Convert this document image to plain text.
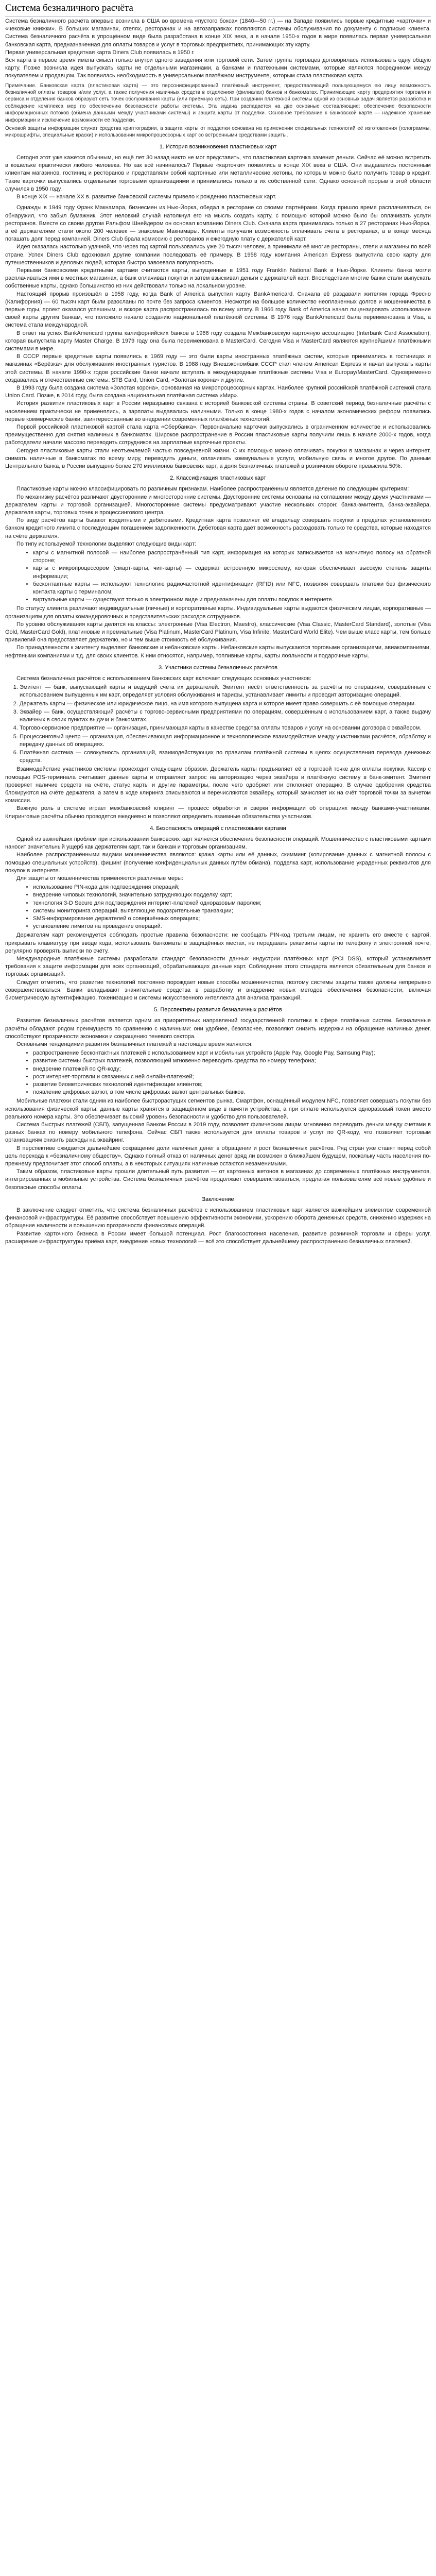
Система безналичного расчёта

Система безналичного расчёта впервые возникла в США во времена «пустого бокса» (1840—50 гг.) — на Западе появились первые кредитные «карточки» и «чековые книжки». В больших магазинах, отелях, ресторанах и на автозаправках появляются системы обслуживания по документу с подписью клиента. Система безналичного расчёта в упрощённом виде была разработана в конце XIX века, а в начале 1950-х годов в мире появилась первая универсальная банковская карта, предназначенная для оплаты товаров и услуг в торговых предприятиях, принимающих эту карту.

Первая универсальная кредитная карта Diners Club появилась в 1950 г.

Вся карта в первое время имела смысл только внутри одного заведения или торговой сети. Затем группа торговцев договорилась использовать одну общую карту. Позже возникла идея выпускать карты не отдельными магазинами, а банками и платёжными системами, которые являются посредником между покупателем и продавцом. Так появилась необходимость в универсальном платёжном инструменте, которым стала пластиковая карта.

Примечание. Банковская карта (пластиковая карта) — это персонифицированный платёжный инструмент, предоставляющий пользующемуся ею лицу возможность безналичной оплаты товаров и/или услуг, а также получения наличных средств в отделениях (филиалах) банков и банкоматах. Принимающие карту предприятия торговли и сервиса и отделения банков образуют сеть точек обслуживания карты (или приёмную сеть). При создании платёжной системы одной из основных задач является разработка и соблюдение комплекса мер по обеспечению безопасности работы системы. Эта задача распадается на две основные составляющие: обеспечение безопасности информационных потоков (обмена данными между участниками системы) и защита карты от подделки. Основное требование к банковской карте — надёжное хранение информации и исключение возможности её подделки.

Основой защиты информации служат средства криптографии, а защита карты от подделки основана на применении специальных технологий её изготовления (голограммы, микрошрифты, специальные краски) и использовании микропроцессорных карт со встроенными средствами защиты.

1. История возникновения пластиковых карт

Сегодня этот уже кажется обычным, но ещё лет 30 назад никто не мог представить, что пластиковая карточка заменит деньги. Сейчас её можно встретить в кошельке практически любого человека. Но как всё начиналось? Первые «карточки» появились в конце XIX века в США. Они выдавались постоянным клиентам магазинов, гостиниц и ресторанов и представляли собой картонные или металлические жетоны, по которым можно было получить товар в кредит. Такие карточки выпускались отдельными торговыми организациями и принимались только в их собственной сети. Однако основной прорыв в этой области случился в 1950 году.

В конце XIX — начале XX в. развитие банковской системы привело к рождению пластиковых карт.

Однажды в 1949 году Фрэнк Макнамара, бизнесмен из Нью-Йорка, обедал в ресторане со своими партнёрами. Когда пришло время расплачиваться, он обнаружил, что забыл бумажник. Этот неловкий случай натолкнул его на мысль создать карту, с помощью которой можно было бы оплачивать услуги ресторанов. Вместе со своим другом Ральфом Шнейдером он основал компанию Diners Club. Сначала карта принималась только в 27 ресторанах Нью-Йорка, а её держателями стали около 200 человек — знакомые Макнамары. Клиенты получали возможность оплачивать счета в ресторанах, а в конце месяца погашать долг перед компанией. Diners Club брала комиссию с ресторанов и ежегодную плату с держателей карт.

Идея оказалась настолько удачной, что через год картой пользовались уже 20 тысяч человек, а принимали её многие рестораны, отели и магазины по всей стране. Успех Diners Club вдохновил другие компании последовать её примеру. В 1958 году компания American Express выпустила свою карту для путешественников и деловых людей, которая быстро завоевала популярность.

Первыми банковскими кредитными картами считаются карты, выпущенные в 1951 году Franklin National Bank в Нью-Йорке. Клиенты банка могли расплачиваться ими в местных магазинах, а банк оплачивал покупки и затем взыскивал деньги с держателей карт. Впоследствии многие банки стали выпускать собственные карты, однако большинство из них действовали только на локальном уровне.

Настоящий прорыв произошёл в 1958 году, когда Bank of America выпустил карту BankAmericard. Сначала её раздавали жителям города Фресно (Калифорния) — 60 тысяч карт были разосланы по почте без запроса клиентов. Несмотря на большое количество неоплаченных долгов и мошенничества в первые годы, проект оказался успешным, и вскоре карта распространилась по всему штату. В 1966 году Bank of America начал лицензировать использование своей карты другим банкам, что положило начало созданию национальной платёжной системы. В 1976 году BankAmericard была переименована в Visa, а система стала международной.

В ответ на успех BankAmericard группа калифорнийских банков в 1966 году создала Межбанковскую карточную ассоциацию (Interbank Card Association), которая выпустила карту Master Charge. В 1979 году она была переименована в MasterCard. Сегодня Visa и MasterCard являются крупнейшими платёжными системами в мире.

В СССР первые кредитные карты появились в 1969 году — это были карты иностранных платёжных систем, которые принимались в гостиницах и магазинах «Берёзка» для обслуживания иностранных туристов. В 1988 году Внешэкономбанк СССР стал членом American Express и начал выпускать карты этой системы. В начале 1990-х годов российские банки начали вступать в международные платёжные системы Visa и Europay/MasterCard. Одновременно создавались и отечественные системы: STB Card, Union Card, «Золотая корона» и другие.

В 1993 году была создана система «Золотая корона», основанная на микропроцессорных картах. Наиболее крупной российской платёжной системой стала Union Card. Позже, в 2014 году, была создана национальная платёжная система «Мир».

История развития пластиковых карт в России неразрывно связана с историей банковской системы страны. В советский период безналичные расчёты с населением практически не применялись, а зарплаты выдавались наличными. Только в конце 1980-х годов с началом экономических реформ появились первые коммерческие банки, заинтересованные во внедрении современных платёжных технологий.

Первой российской пластиковой картой стала карта «Сбербанка». Первоначально карточки выпускались в ограниченном количестве и использовались преимущественно для снятия наличных в банкоматах. Широкое распространение в России пластиковые карты получили лишь в начале 2000-х годов, когда работодатели начали массово переводить сотрудников на зарплатные карточные проекты.

Сегодня пластиковые карты стали неотъемлемой частью повседневной жизни. С их помощью можно оплачивать покупки в магазинах и через интернет, снимать наличные в банкоматах по всему миру, переводить деньги, оплачивать коммунальные услуги, мобильную связь и многое другое. По данным Центрального банка, в России выпущено более 270 миллионов банковских карт, а доля безналичных платежей в розничном обороте превысила 50%.

2. Классификация пластиковых карт

Пластиковые карты можно классифицировать по различным признакам. Наиболее распространённым является деление по следующим критериям:

По механизму расчётов различают двусторонние и многосторонние системы. Двусторонние системы основаны на соглашении между двумя участниками — держателем карты и торговой организацией. Многосторонние системы предусматривают участие нескольких сторон: банка-эмитента, банка-эквайера, держателя карты, торговых точек и процессингового центра.

По виду расчётов карты бывают кредитными и дебетовыми. Кредитная карта позволяет её владельцу совершать покупки в пределах установленного банком кредитного лимита с последующим погашением задолженности. Дебетовая карта даёт возможность расходовать только те средства, которые находятся на счёте держателя.

По типу используемой технологии выделяют следующие виды карт:

• карты с магнитной полосой — наиболее распространённый тип карт, информация на которых записывается на магнитную полосу на обратной стороне;
• карты с микропроцессором (смарт-карты, чип-карты) — содержат встроенную микросхему, которая обеспечивает высокую степень защиты информации;
• бесконтактные карты — используют технологию радиочастотной идентификации (RFID) или NFC, позволяя совершать платежи без физического контакта карты с терминалом;
• виртуальные карты — существуют только в электронном виде и предназначены для оплаты покупок в интернете.

По статусу клиента различают индивидуальные (личные) и корпоративные карты. Индивидуальные карты выдаются физическим лицам, корпоративные — организациям для оплаты командировочных и представительских расходов сотрудников.

По уровню обслуживания карты делятся на классы: электронные (Visa Electron, Maestro), классические (Visa Classic, MasterCard Standard), золотые (Visa Gold, MasterCard Gold), платиновые и премиальные (Visa Platinum, MasterCard Platinum, Visa Infinite, MasterCard World Elite). Чем выше класс карты, тем больше привилегий она предоставляет держателю, но и тем выше стоимость её обслуживания.

По принадлежности к эмитенту выделяют банковские и небанковские карты. Небанковские карты выпускаются торговыми организациями, авиакомпаниями, нефтяными компаниями и т.д. для своих клиентов. К ним относятся, например, топливные карты, карты лояльности и подарочные карты.

3. Участники системы безналичных расчётов

Система безналичных расчётов с использованием банковских карт включает следующих основных участников:

1. Эмитент — банк, выпускающий карты и ведущий счета их держателей. Эмитент несёт ответственность за расчёты по операциям, совершённым с использованием выпущенных им карт, определяет условия обслуживания и тарифы, устанавливает лимиты и проводит авторизацию операций.
2. Держатель карты — физическое или юридическое лицо, на имя которого выпущена карта и которое имеет право совершать с её помощью операции.
3. Эквайер — банк, осуществляющий расчёты с торгово-сервисными предприятиями по операциям, совершённым с использованием карт, а также выдачу наличных в своих пунктах выдачи и банкоматах.
4. Торгово-сервисное предприятие — организация, принимающая карты в качестве средства оплаты товаров и услуг на основании договора с эквайером.
5. Процессинговый центр — организация, обеспечивающая информационное и технологическое взаимодействие между участниками расчётов, обработку и передачу данных об операциях.
6. Платёжная система — совокупность организаций, взаимодействующих по правилам платёжной системы в целях осуществления перевода денежных средств.

Взаимодействие участников системы происходит следующим образом. Держатель карты предъявляет её в торговой точке для оплаты покупки. Кассир с помощью POS-терминала считывает данные карты и отправляет запрос на авторизацию через эквайера и платёжную систему в банк-эмитент. Эмитент проверяет наличие средств на счёте, статус карты и другие параметры, после чего одобряет или отклоняет операцию. В случае одобрения средства блокируются на счёте держателя, а затем в ходе клиринга списываются и перечисляются эквайеру, который зачисляет их на счёт торговой точки за вычетом комиссии.

Важную роль в системе играет межбанковский клиринг — процесс обработки и сверки информации об операциях между банками-участниками. Клиринговые расчёты обычно проводятся ежедневно и позволяют определить взаимные обязательства участников.

4. Безопасность операций с пластиковыми картами

Одной из важнейших проблем при использовании банковских карт является обеспечение безопасности операций. Мошенничество с пластиковыми картами наносит значительный ущерб как держателям карт, так и банкам и торговым организациям.

Наиболее распространёнными видами мошенничества являются: кража карты или её данных, скимминг (копирование данных с магнитной полосы с помощью специальных устройств), фишинг (получение конфиденциальных данных путём обмана), подделка карт, использование украденных реквизитов для покупок в интернете.

Для защиты от мошенничества применяются различные меры:

• использование PIN-кода для подтверждения операций;
• внедрение чиповых технологий, значительно затрудняющих подделку карт;
• технология 3-D Secure для подтверждения интернет-платежей одноразовым паролем;
• системы мониторинга операций, выявляющие подозрительные транзакции;
• SMS-информирование держателей о совершённых операциях;
• установление лимитов на проведение операций.

Держателям карт рекомендуется соблюдать простые правила безопасности: не сообщать PIN-код третьим лицам, не хранить его вместе с картой, прикрывать клавиатуру при вводе кода, использовать банкоматы в защищённых местах, не передавать реквизиты карты по телефону и электронной почте, регулярно проверять выписки по счёту.

Международные платёжные системы разработали стандарт безопасности данных индустрии платёжных карт (PCI DSS), который устанавливает требования к защите информации для всех организаций, обрабатывающих данные карт. Соблюдение этого стандарта является обязательным для банков и торговых организаций.

Следует отметить, что развитие технологий постоянно порождает новые способы мошенничества, поэтому системы защиты также должны непрерывно совершенствоваться. Банки вкладывают значительные средства в разработку и внедрение новых методов обеспечения безопасности, включая биометрическую аутентификацию, токенизацию и системы искусственного интеллекта для анализа транзакций.

5. Перспективы развития безналичных расчётов

Развитие безналичных расчётов является одним из приоритетных направлений государственной политики в сфере платёжных систем. Безналичные расчёты обладают рядом преимуществ по сравнению с наличными: они удобнее, безопаснее, позволяют снизить издержки на обращение наличных денег, способствуют прозрачности экономики и сокращению теневого сектора.

Основными тенденциями развития безналичных платежей в настоящее время являются:

• распространение бесконтактных платежей с использованием карт и мобильных устройств (Apple Pay, Google Pay, Samsung Pay);
• развитие системы быстрых платежей, позволяющей мгновенно переводить средства по номеру телефона;
• внедрение платежей по QR-коду;
• рост интернет-торговли и связанных с ней онлайн-платежей;
• развитие биометрических технологий идентификации клиентов;
• появление цифровых валют, в том числе цифровых валют центральных банков.

Мобильные платежи стали одним из наиболее быстрорастущих сегментов рынка. Смартфон, оснащённый модулем NFC, позволяет совершать покупки без использования физической карты: данные карты хранятся в защищённом виде в памяти устройства, а при оплате используется одноразовый токен вместо реального номера карты. Это обеспечивает высокий уровень безопасности и удобство для пользователей.

Система быстрых платежей (СБП), запущенная Банком России в 2019 году, позволяет физическим лицам мгновенно переводить деньги между счетами в разных банках по номеру мобильного телефона. Сейчас СБП также используется для оплаты товаров и услуг по QR-коду, что позволяет торговым организациям снизить расходы на эквайринг.

В перспективе ожидается дальнейшее сокращение доли наличных денег в обращении и рост безналичных расчётов. Ряд стран уже ставят перед собой цель перехода к «безналичному обществу». Однако полный отказ от наличных денег вряд ли возможен в ближайшем будущем, поскольку часть населения по-прежнему предпочитает этот способ оплаты, а в некоторых ситуациях наличные остаются незаменимыми.

Таким образом, пластиковые карты прошли длительный путь развития — от картонных жетонов в магазинах до современных платёжных инструментов, интегрированных в мобильные устройства. Система безналичных расчётов продолжает совершенствоваться, предлагая пользователям всё новые удобные и безопасные способы оплаты.

Заключение

В заключение следует отметить, что система безналичных расчётов с использованием пластиковых карт является важнейшим элементом современной финансовой инфраструктуры. Её развитие способствует повышению эффективности экономики, ускорению оборота денежных средств, снижению издержек на обращение наличности и повышению прозрачности финансовых операций.

Развитие карточного бизнеса в России имеет большой потенциал. Рост благосостояния населения, развитие розничной торговли и сферы услуг, расширение инфраструктуры приёма карт, внедрение новых технологий — всё это способствует дальнейшему распространению безналичных платежей.
